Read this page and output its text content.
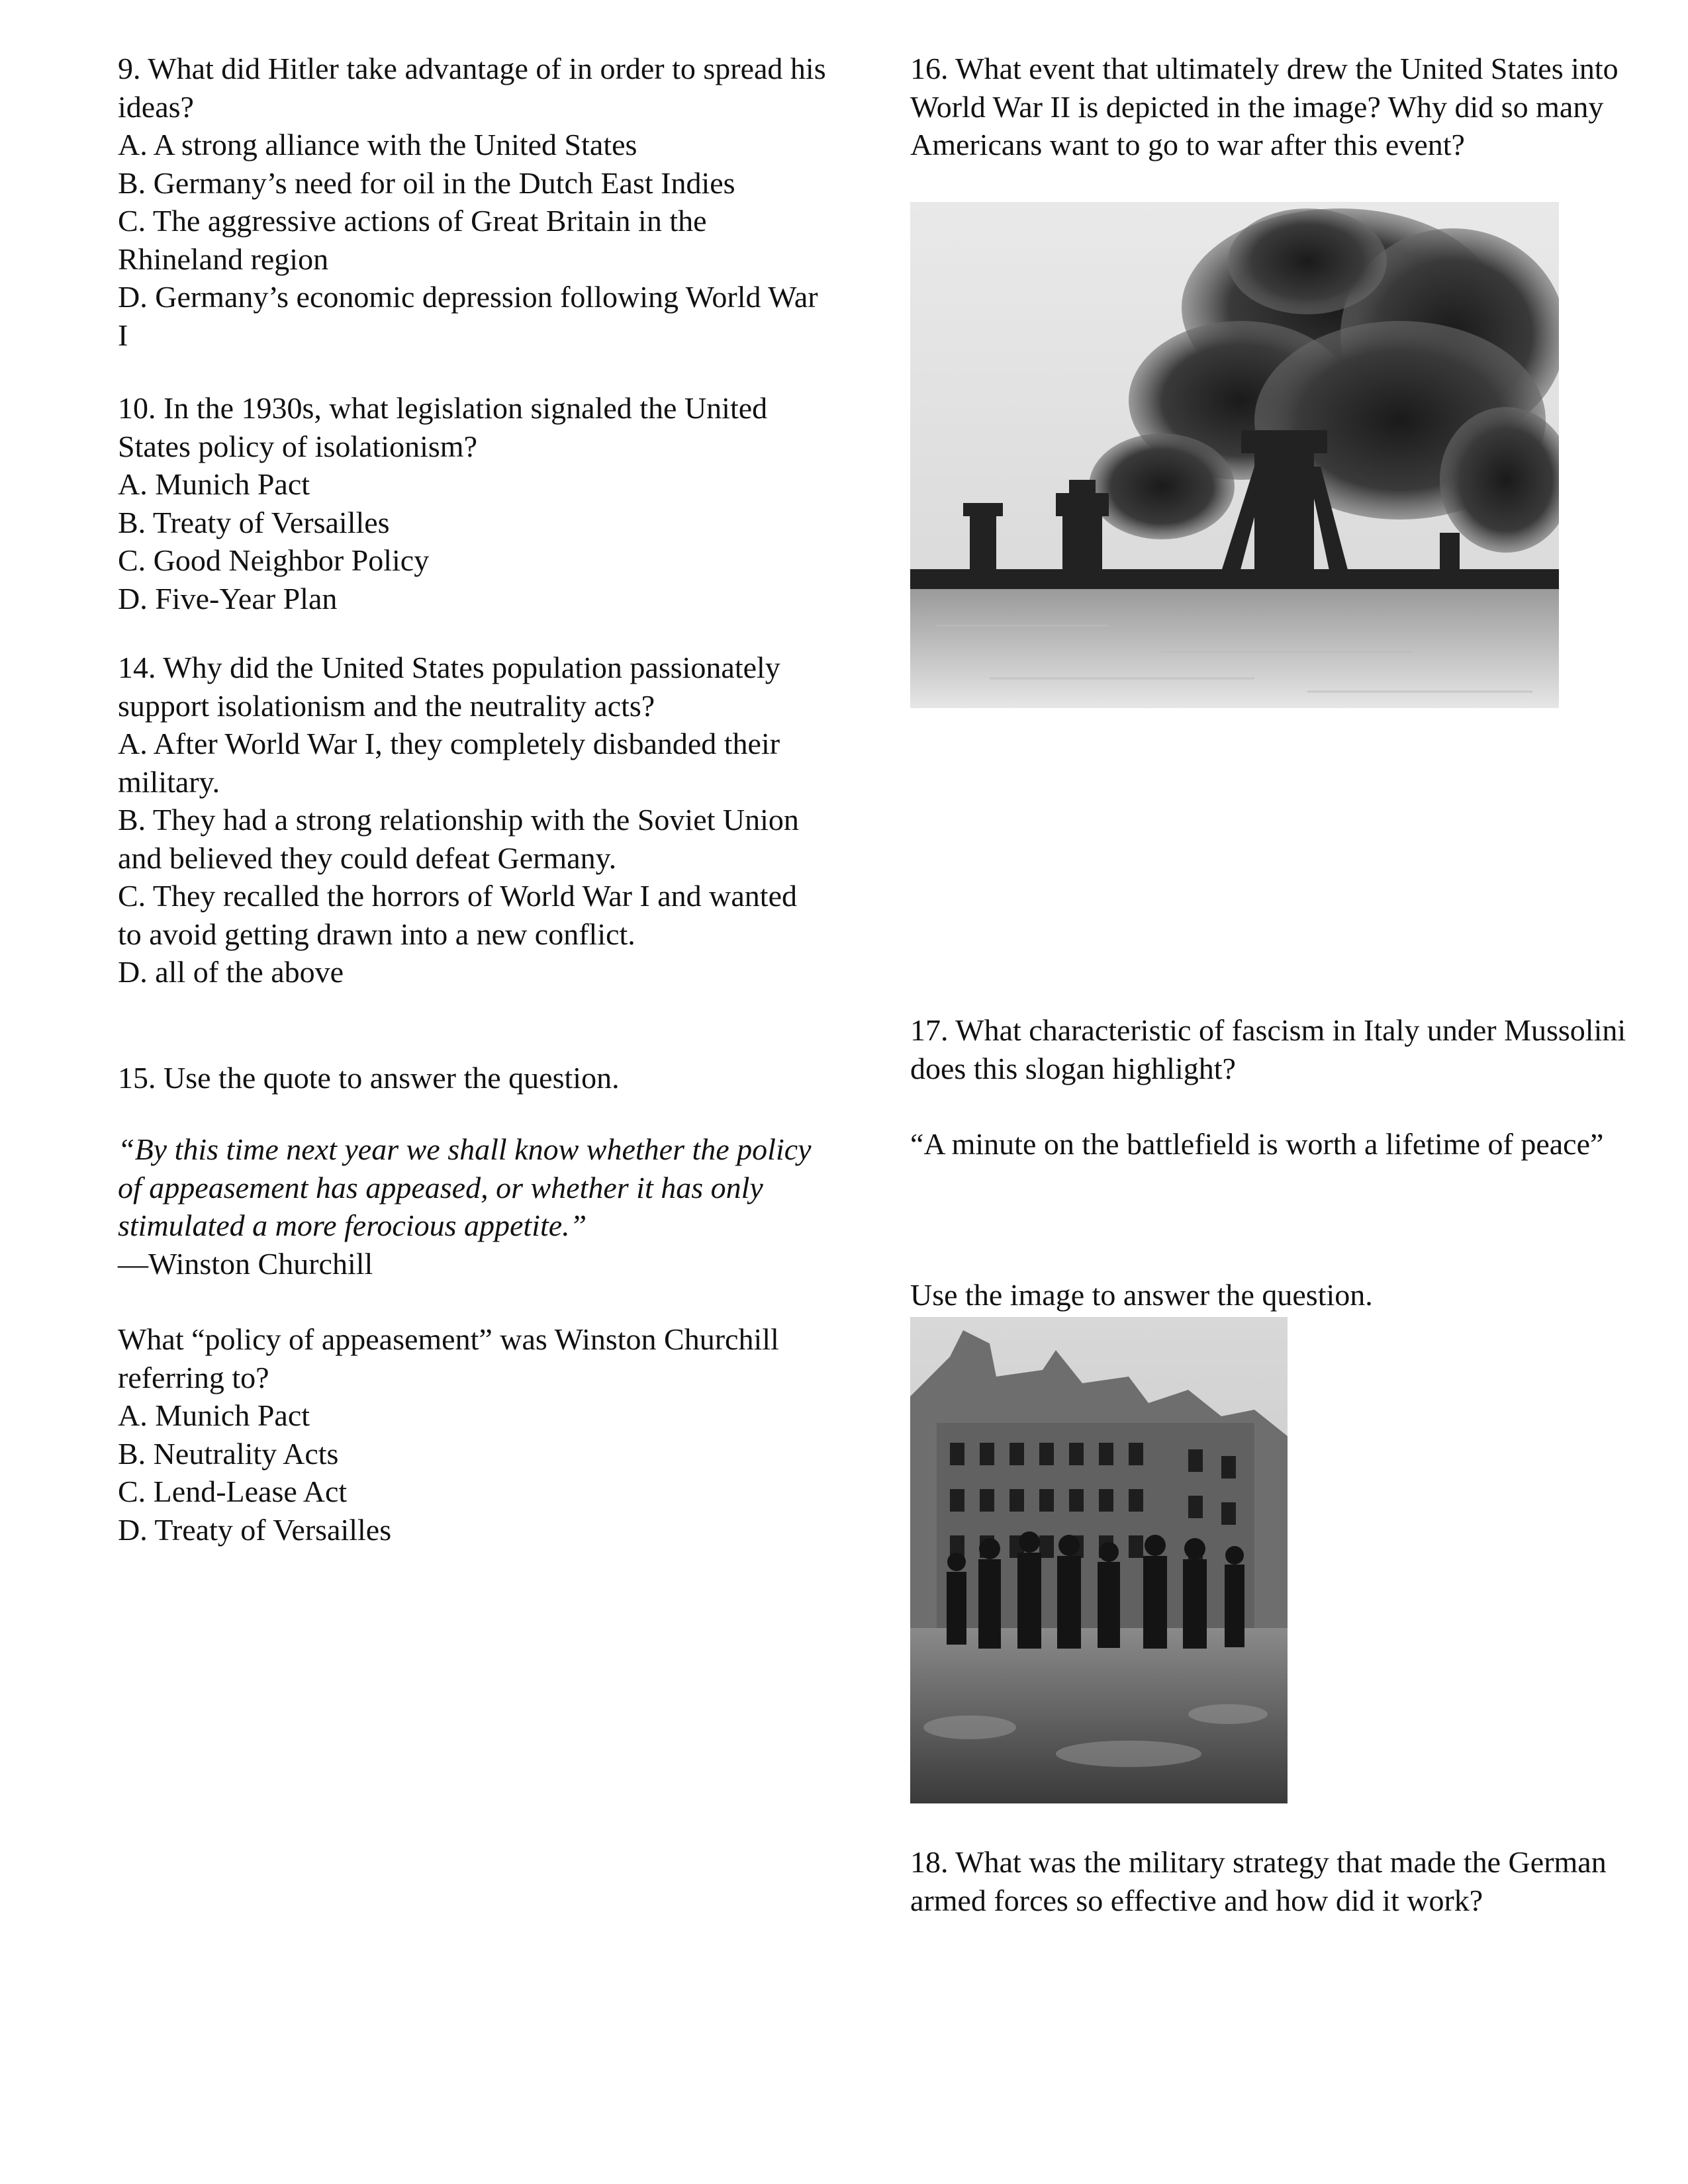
9. What did Hitler take advantage of in order to spread his ideas?
A. A strong alliance with the United States
B. Germany’s need for oil in the Dutch East Indies
C. The aggressive actions of Great Britain in the Rhineland region
D. Germany’s economic depression following World War I
10. In the 1930s, what legislation signaled the United States policy of isolationism?
A. Munich Pact
B. Treaty of Versailles
C. Good Neighbor Policy
D. Five-Year Plan
14. Why did the United States population passionately support isolationism and the neutrality acts?
A. After World War I, they completely disbanded their military.
B. They had a strong relationship with the Soviet Union and believed they could defeat Germany.
C. They recalled the horrors of World War I and wanted to avoid getting drawn into a new conflict.
D. all of the above
15. Use the quote to answer the question.
“By this time next year we shall know whether the policy of appeasement has appeased, or whether it has only stimulated a more ferocious appetite.”
—Winston Churchill
What “policy of appeasement” was Winston Churchill referring to?
A. Munich Pact
B. Neutrality Acts
C. Lend-Lease Act
D. Treaty of Versailles
16. What event that ultimately drew the United States into World War II is depicted in the image? Why did so many Americans want to go to war after this event?
17. What characteristic of fascism in Italy under Mussolini does this slogan highlight?
“A minute on the battlefield is worth a lifetime of peace”
Use the image to answer the question.
18. What was the military strategy that made the German armed forces so effective and how did it work?
